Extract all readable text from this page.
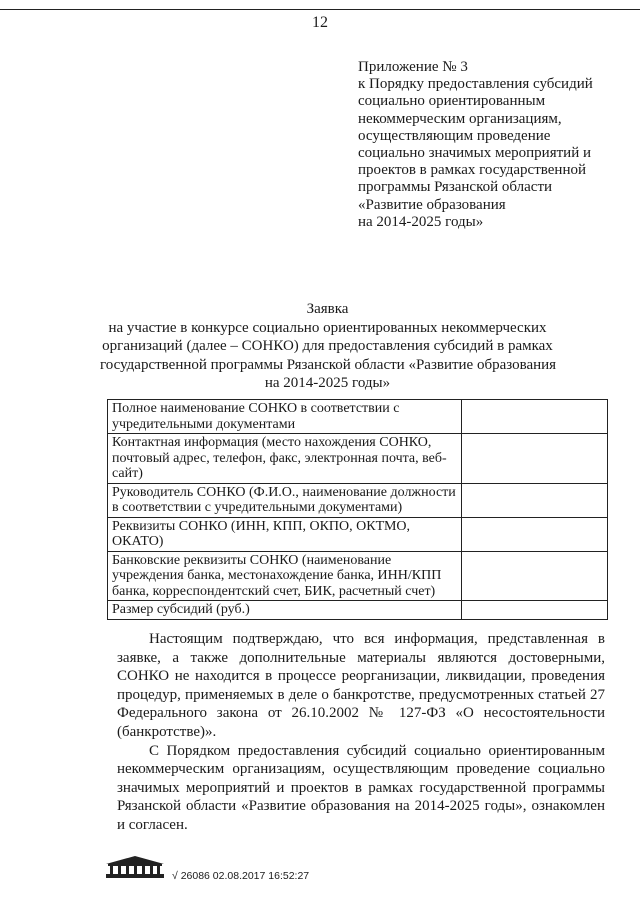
12
Приложение № 3
к Порядку предоставления субсидий
социально ориентированным
некоммерческим организациям,
осуществляющим проведение
социально значимых мероприятий и
проектов в рамках государственной
программы Рязанской области
«Развитие образования
на 2014-2025 годы»
Заявка
на участие в конкурсе социально ориентированных некоммерческих
организаций (далее – СОНКО) для предоставления субсидий в рамках
государственной программы Рязанской области «Развитие образования
на 2014-2025 годы»
Полное наименование СОНКО в соответствии с учредительными документами	
Контактная информация (место нахождения СОНКО, почтовый адрес, телефон, факс, электронная почта, веб-сайт)	
Руководитель СОНКО (Ф.И.О., наименование должности в соответствии с учредительными документами)	
Реквизиты СОНКО (ИНН, КПП, ОКПО, ОКТМО, ОКАТО)	
Банковские реквизиты СОНКО (наименование учреждения банка, местонахождение банка, ИНН/КПП банка, корреспондентский счет, БИК, расчетный счет)	
Размер субсидий (руб.)	

Настоящим подтверждаю, что вся информация, представленная в заявке, а также дополнительные материалы являются достоверными, СОНКО не находится в процессе реорганизации, ликвидации, проведения процедур, применяемых в деле о банкротстве, предусмотренных статьей 27 Федерального закона от 26.10.2002 № 127-ФЗ «О несостоятельности (банкротстве)».

С Порядком предоставления субсидий социально ориентированным некоммерческим организациям, осуществляющим проведение социально значимых мероприятий и проектов в рамках государственной программы Рязанской области «Развитие образования на 2014-2025 годы», ознакомлен и согласен.

√ 26086 02.08.2017 16:52:27
